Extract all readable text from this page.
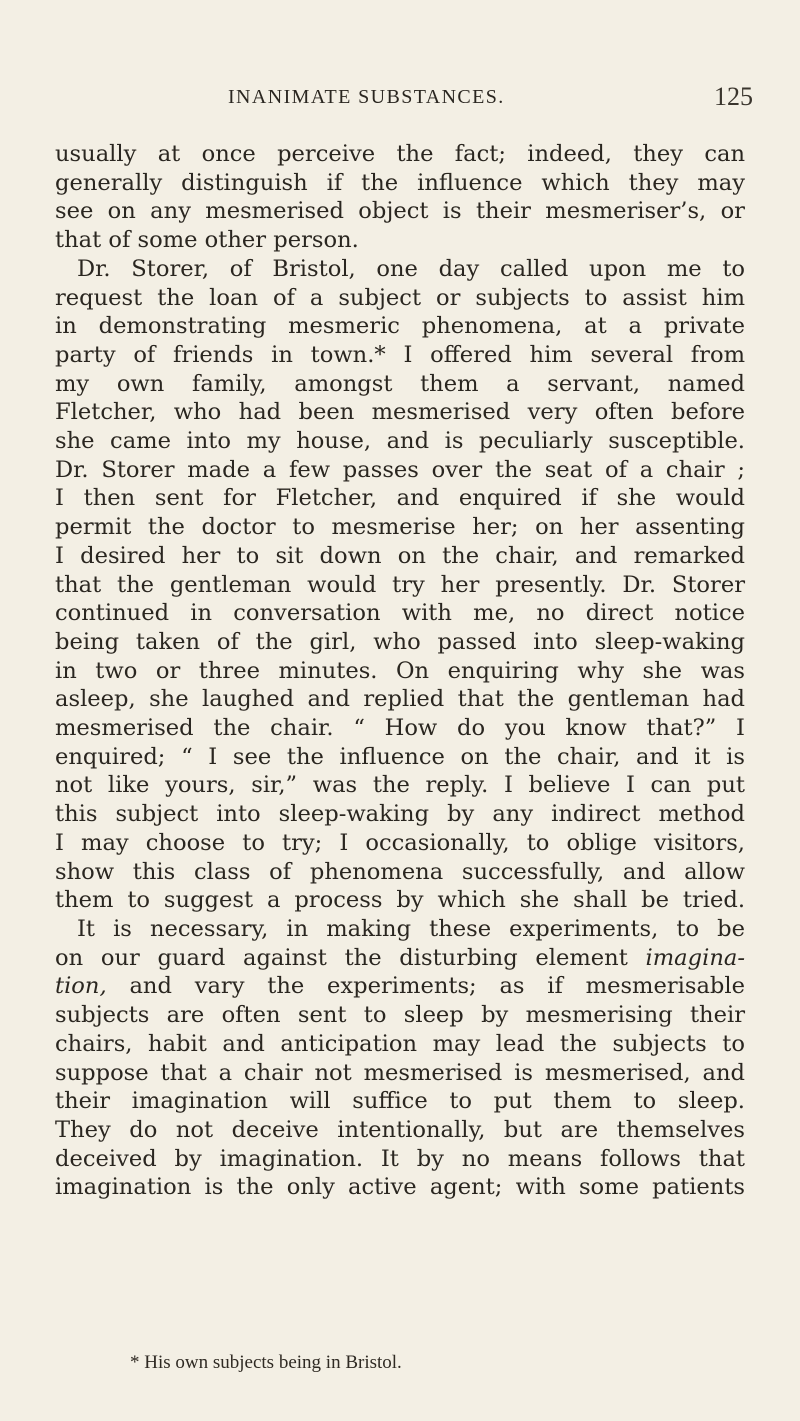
INANIMATE SUBSTANCES.	125
usually at once perceive the fact; indeed, they can
generally distinguish if the influence which they may
see on any mesmerised object is their mesmeriser’s, or
that of some other person.
Dr. Storer, of Bristol, one day called upon me to
request the loan of a subject or subjects to assist him
in demonstrating mesmeric phenomena, at a private
party of friends in town.* I offered him several from
my own family, amongst them a servant, named
Fletcher, who had been mesmerised very often before
she came into my house, and is peculiarly susceptible.
Dr. Storer made a few passes over the seat of a chair ;
I then sent for Fletcher, and enquired if she would
permit the doctor to mesmerise her; on her assenting
I desired her to sit down on the chair, and remarked
that the gentleman would try her presently. Dr. Storer
continued in conversation with me, no direct notice
being taken of the girl, who passed into sleep-waking
in two or three minutes. On enquiring why she was
asleep, she laughed and replied that the gentleman had
mesmerised the chair. “ How do you know that?” I
enquired; “ I see the influence on the chair, and it is
not like yours, sir,” was the reply. I believe I can put
this subject into sleep-waking by any indirect method
I may choose to try; I occasionally, to oblige visitors,
show this class of phenomena successfully, and allow
them to suggest a process by which she shall be tried.
It is necessary, in making these experiments, to be
on our guard against the disturbing element imagina-
tion, and vary the experiments; as if mesmerisable
subjects are often sent to sleep by mesmerising their
chairs, habit and anticipation may lead the subjects to
suppose that a chair not mesmerised is mesmerised, and
their imagination will suffice to put them to sleep.
They do not deceive intentionally, but are themselves
deceived by imagination. It by no means follows that
imagination is the only active agent; with some patients
* His own subjects being in Bristol.
